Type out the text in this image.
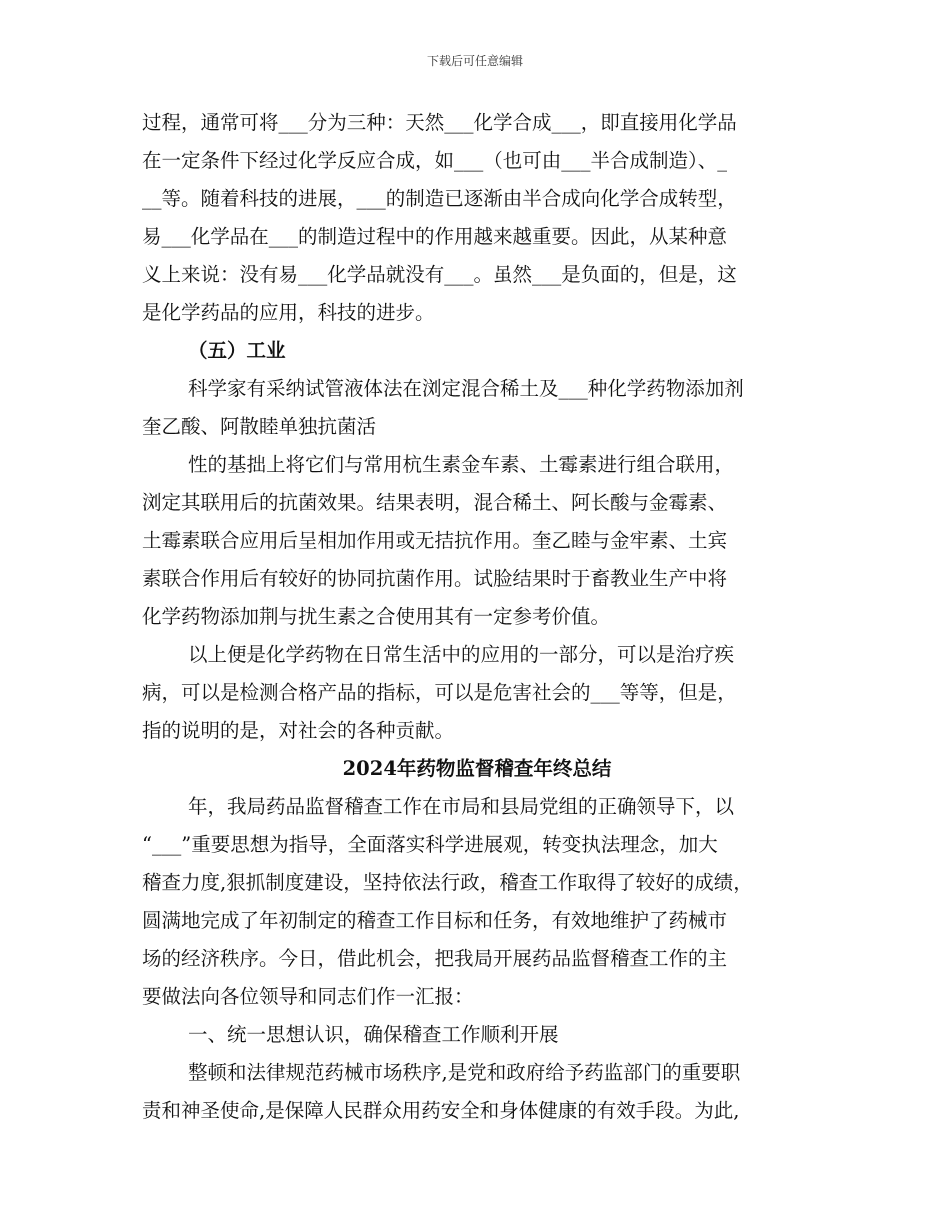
下载后可任意编辑
过程，通常可将___分为三种：天然___化学合成___，即直接用化学品
在一定条件下经过化学反应合成，如___（也可由___半合成制造）、_
__等。随着科技的进展，___的制造已逐渐由半合成向化学合成转型，
易___化学品在___的制造过程中的作用越来越重要。因此，从某种意
义上来说：没有易___化学品就没有___。虽然___是负面的，但是，这
是化学药品的应用，科技的进步。
（五）工业
科学家有采纳试管液体法在浏定混合稀土及___种化学药物添加剂
奎乙酸、阿散睦单独抗菌活
性的基拙上将它们与常用杭生素金车素、土霉素进行组合联用，
浏定其联用后的抗菌效果。结果表明，混合稀土、阿长酸与金霉素、
土霉素联合应用后呈相加作用或无拮抗作用。奎乙睦与金牢素、土宾
素联合作用后有较好的协同抗菌作用。试脸结果时于畜教业生产中将
化学药物添加荆与扰生素之合使用其有一定参考价值。
以上便是化学药物在日常生活中的应用的一部分，可以是治疗疾
病，可以是检测合格产品的指标，可以是危害社会的___等等，但是，
指的说明的是，对社会的各种贡献。
2024年药物监督稽查年终总结
年，我局药品监督稽查工作在市局和县局党组的正确领导下，以
“___”重要思想为指导，全面落实科学进展观，转变执法理念，加大
稽查力度,狠抓制度建设，坚持依法行政，稽查工作取得了较好的成绩，
圆满地完成了年初制定的稽查工作目标和任务，有效地维护了药械市
场的经济秩序。今日，借此机会，把我局开展药品监督稽查工作的主
要做法向各位领导和同志们作一汇报：
一、统一思想认识，确保稽查工作顺利开展
整顿和法律规范药械市场秩序,是党和政府给予药监部门的重要职
责和神圣使命,是保障人民群众用药安全和身体健康的有效手段。为此,
